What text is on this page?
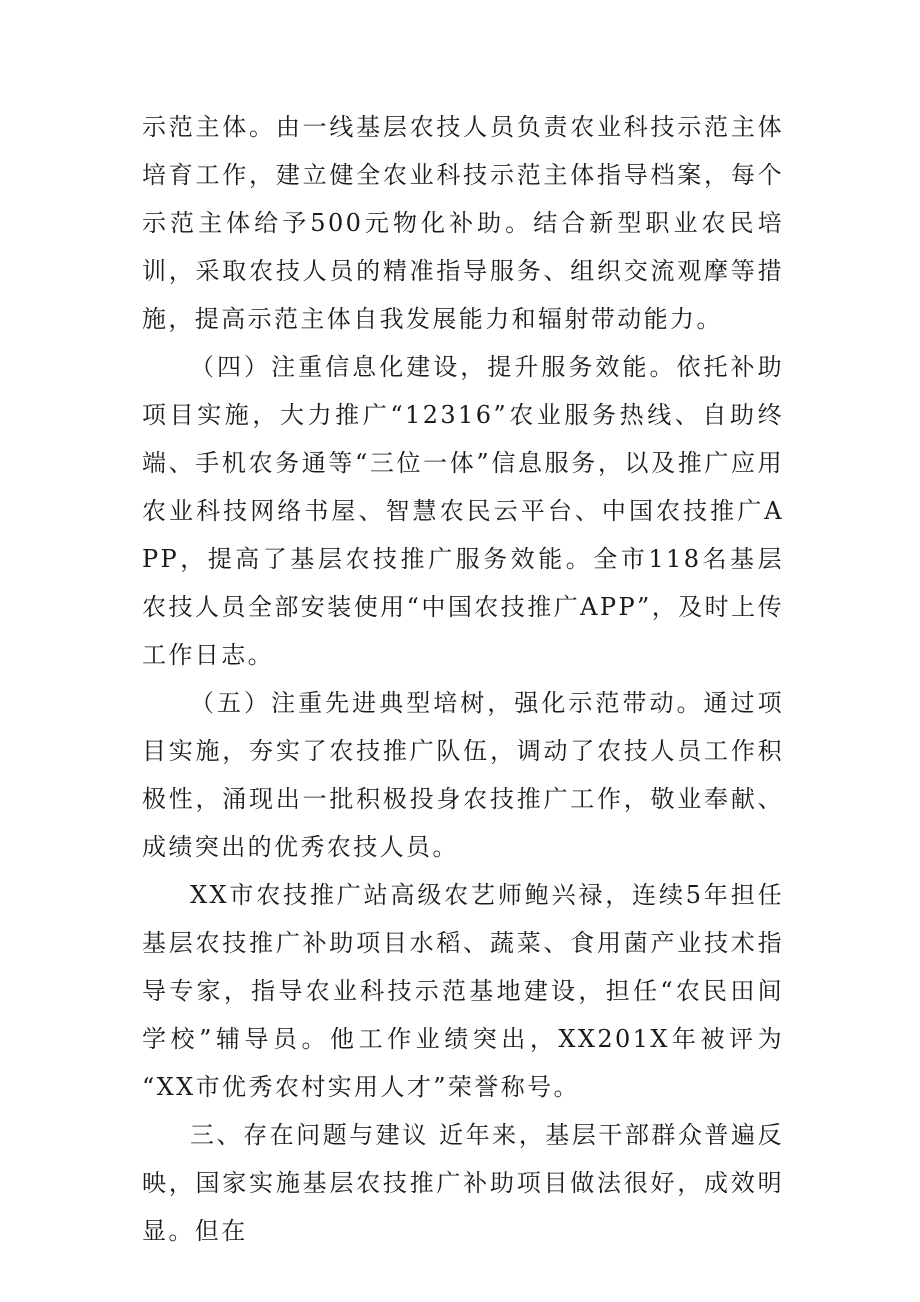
示范主体。由一线基层农技人员负责农业科技示范主体培育工作，建立健全农业科技示范主体指导档案，每个示范主体给予500元物化补助。结合新型职业农民培训，采取农技人员的精准指导服务、组织交流观摩等措施，提高示范主体自我发展能力和辐射带动能力。

（四）注重信息化建设，提升服务效能。依托补助项目实施，大力推广“12316”农业服务热线、自助终端、手机农务通等“三位一体”信息服务，以及推广应用农业科技网络书屋、智慧农民云平台、中国农技推广APP，提高了基层农技推广服务效能。全市118名基层农技人员全部安装使用“中国农技推广APP”，及时上传工作日志。

（五）注重先进典型培树，强化示范带动。通过项目实施，夯实了农技推广队伍，调动了农技人员工作积极性，涌现出一批积极投身农技推广工作，敬业奉献、成绩突出的优秀农技人员。

XX市农技推广站高级农艺师鲍兴禄，连续5年担任基层农技推广补助项目水稻、蔬菜、食用菌产业技术指导专家，指导农业科技示范基地建设，担任“农民田间学校”辅导员。他工作业绩突出，XX201X年被评为 “XX市优秀农村实用人才”荣誉称号。

三、存在问题与建议 近年来，基层干部群众普遍反映，国家实施基层农技推广补助项目做法很好，成效明显。但在
